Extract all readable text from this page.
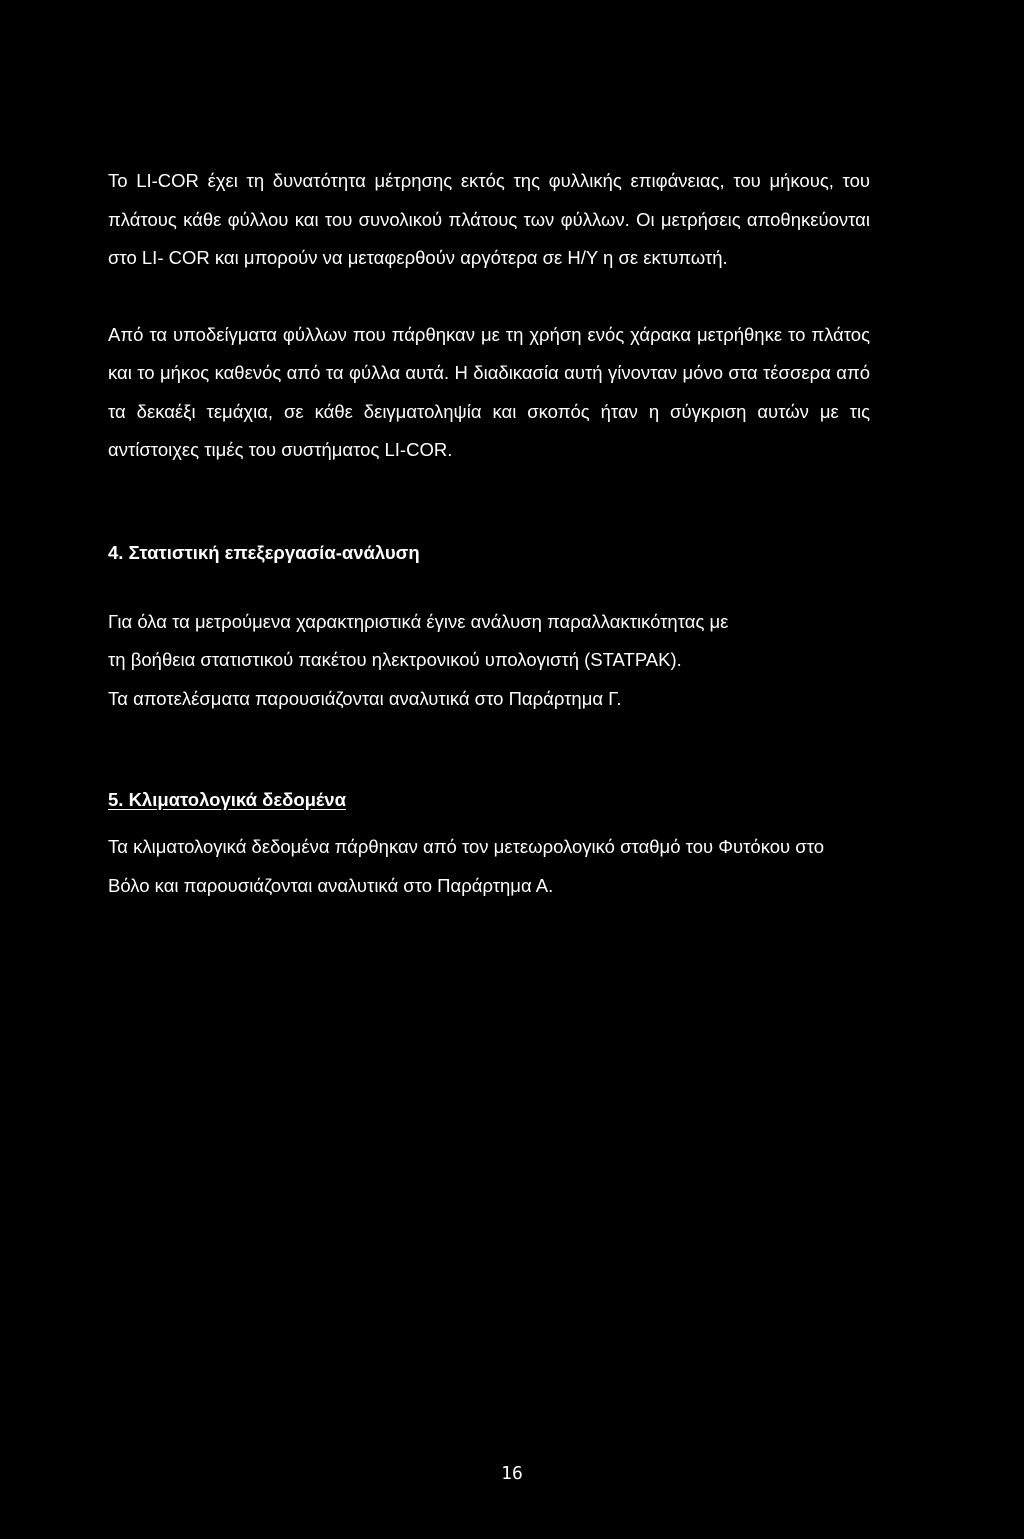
Το LI-COR έχει τη δυνατότητα μέτρησης εκτός της φυλλικής επιφάνειας, του μήκους, του πλάτους κάθε φύλλου και του συνολικού πλάτους των φύλλων. Οι μετρήσεις αποθηκεύονται στο LI- COR και μπορούν να μεταφερθούν αργότερα σε Η/Υ η σε εκτυπωτή.

Από τα υποδείγματα φύλλων που πάρθηκαν με τη χρήση ενός χάρακα μετρήθηκε το πλάτος και το μήκος καθενός από τα φύλλα αυτά. Η διαδικασία αυτή γίνονταν μόνο στα τέσσερα από τα δεκαέξι τεμάχια, σε κάθε δειγματοληψία και σκοπός ήταν η σύγκριση αυτών με τις αντίστοιχες τιμές του συστήματος LI-COR.

4. Στατιστική επεξεργασία-ανάλυση
Για όλα τα μετρούμενα χαρακτηριστικά έγινε ανάλυση παραλλακτικότητας με
τη βοήθεια στατιστικού πακέτου ηλεκτρονικού υπολογιστή (STATPAK).
Τα αποτελέσματα παρουσιάζονται αναλυτικά στο Παράρτημα Γ.
5. Κλιματολογικά δεδομένα

Τα κλιματολογικά δεδομένα πάρθηκαν από τον μετεωρολογικό σταθμό του Φυτόκου στο Βόλο και παρουσιάζονται αναλυτικά στο Παράρτημα Α.

16
